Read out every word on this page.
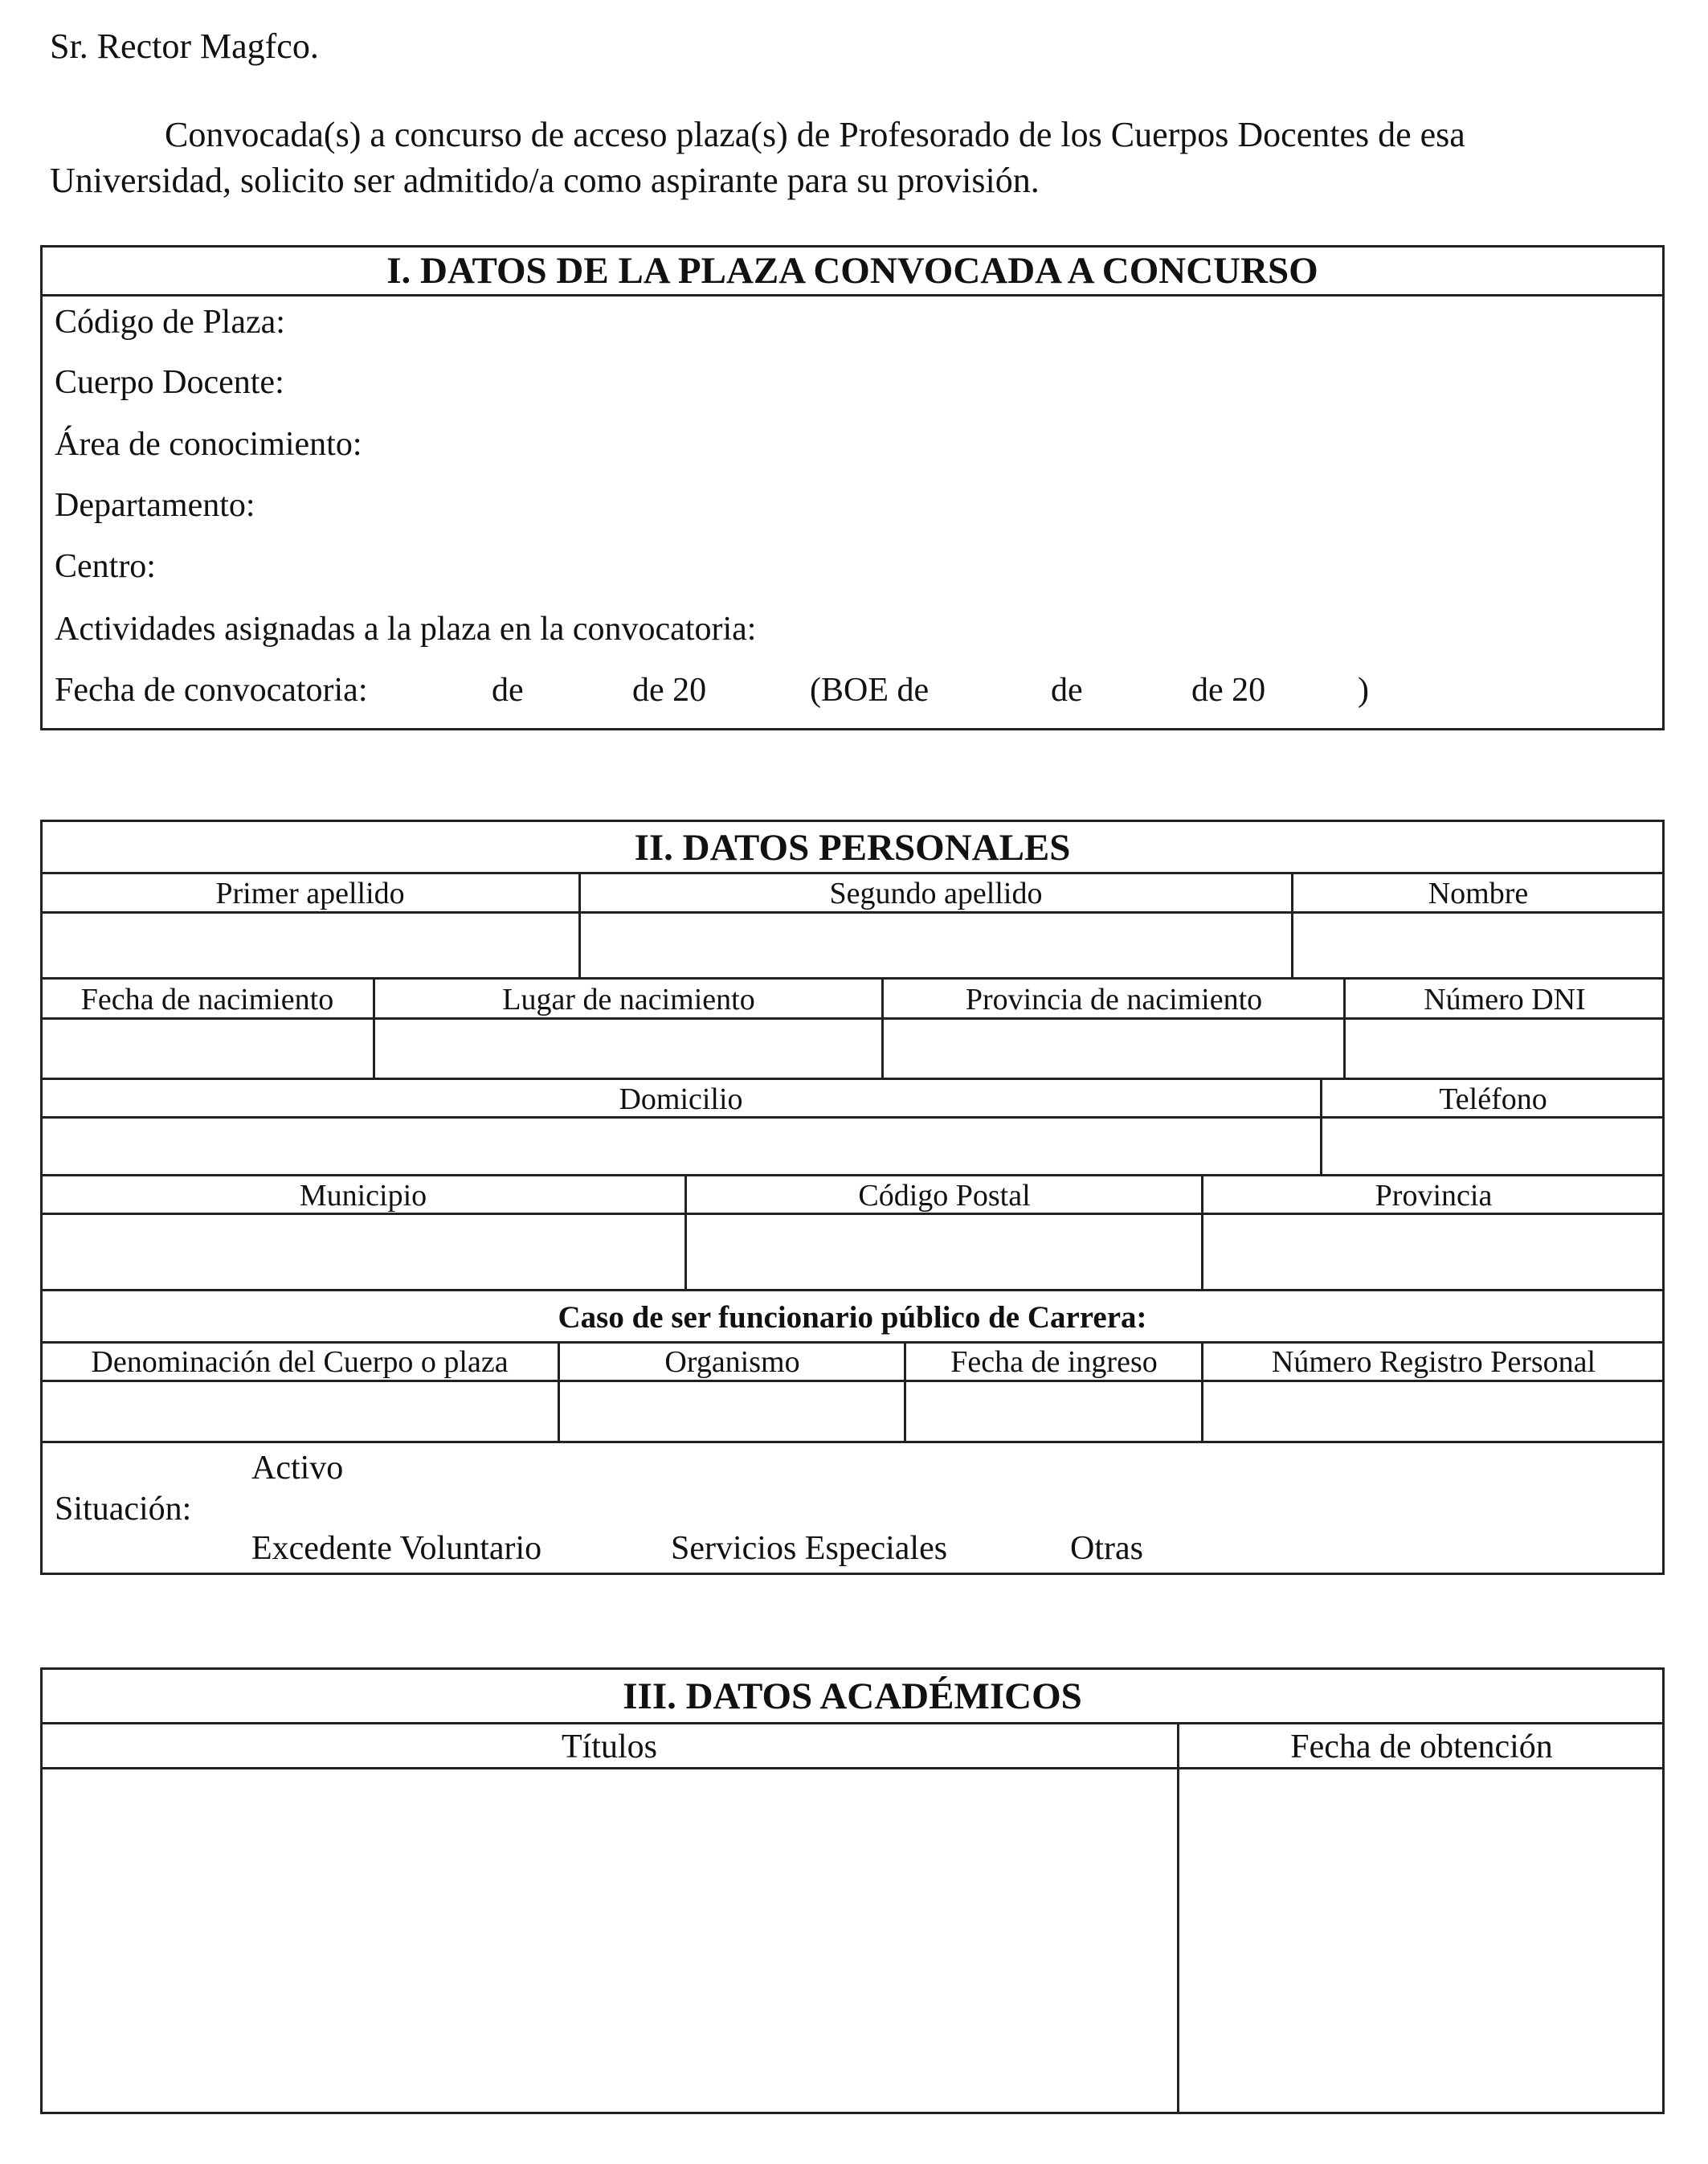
Sr. Rector Magfco.
Convocada(s) a concurso de acceso plaza(s) de Profesorado de los Cuerpos Docentes de esa
Universidad, solicito ser admitido/a como aspirante para su provisión.
I. DATOS DE LA PLAZA CONVOCADA A CONCURSO
Código de Plaza:
Cuerpo Docente:
Área de conocimiento:
Departamento:
Centro:
Actividades asignadas a la plaza en la convocatoria:
Fecha de convocatoria:	de	de 20	(BOE de	de	de 20	)
II. DATOS PERSONALES
Primer apellido	Segundo apellido	Nombre
Fecha de nacimiento	Lugar de nacimiento	Provincia de nacimiento	Número DNI
Domicilio	Teléfono
Municipio	Código Postal	Provincia
Caso de ser funcionario público de Carrera:
Denominación del Cuerpo o plaza	Organismo	Fecha de ingreso	Número Registro Personal
Situación:
Activo
Excedente Voluntario	Servicios Especiales	Otras
III. DATOS ACADÉMICOS
Títulos	Fecha de obtención
